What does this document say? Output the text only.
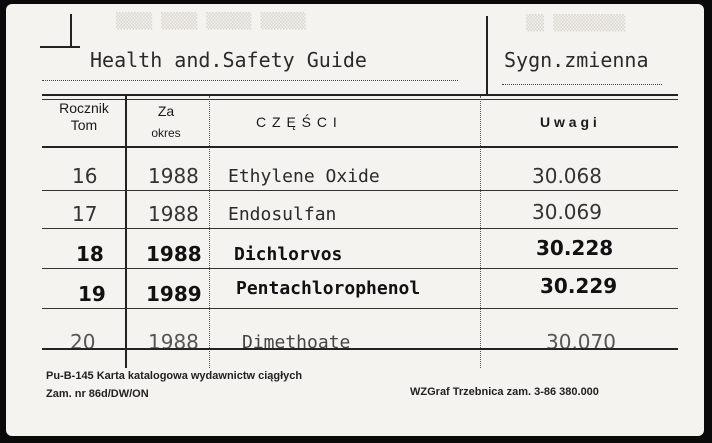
▒▒▒▒ ▒▒▒▒ ▒▒▒▒▒ ▒▒▒▒▒	▒▒ ▒▒▒▒▒▒▒▒
Health and.Safety Guide	Sygn.zmienna
Rocznik
Tom
Za
okres
C Z Ę Ś C I	U w a g i
16	1988 Ethylene Oxide	30.068
17	1988 Endosulfan	30.069
18 1988 Dichlorvos	30.228
19 1989 Pentachlorophenol	30.229
20	1988 Dimethoate	30.070
Pu-B-145 Karta katalogowa wydawnictw ciągłych
Zam. nr 86d/DW/ON	WZGraf Trzebnica zam. 3-86 380.000
